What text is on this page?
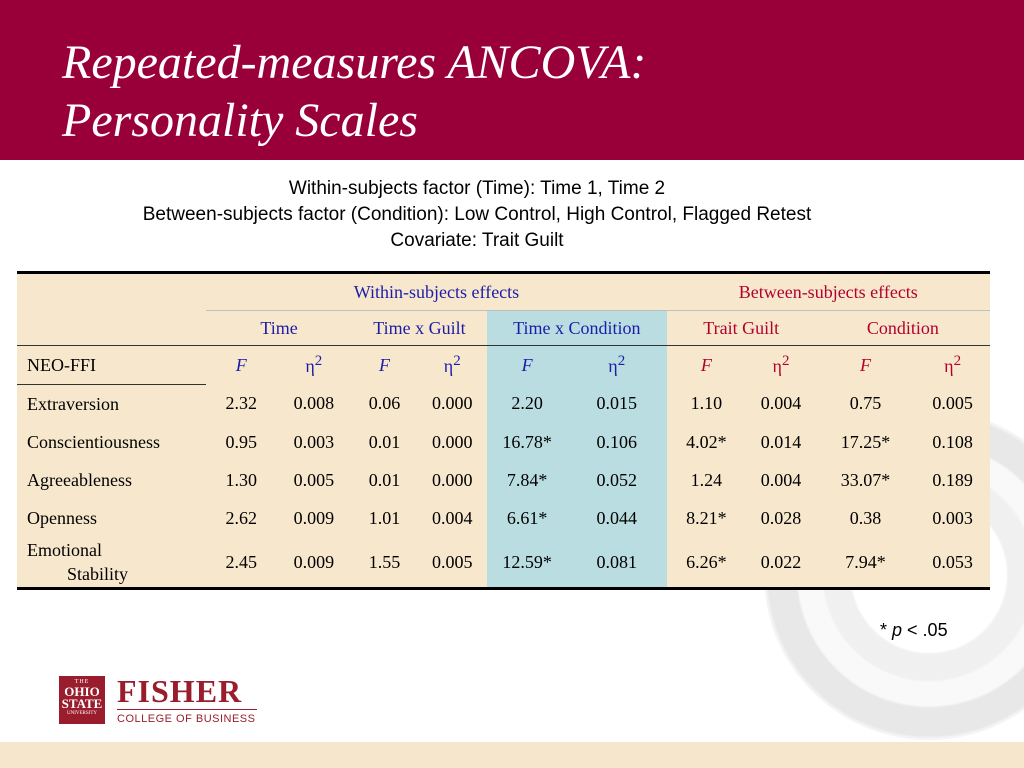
Repeated-measures ANCOVA:
Personality Scales
Within-subjects factor (Time): Time 1, Time 2
Between-subjects factor (Condition): Low Control, High Control, Flagged Retest
Covariate: Trait Guilt
	Within-subjects effects						Between-subjects effects			
	Time		Time x Guilt		Time x Condition		Trait Guilt		Condition	
NEO-FFI	F	$\eta^2$	F	$\eta^2$	F	$\eta^2$	F	$\eta^2$	F	$\eta^2$
Extraversion	2.32	0.008	0.06	0.000	2.20	0.015	1.10	0.004	0.75	0.005
Conscientiousness	0.95	0.003	0.01	0.000	16.78*	0.106	4.02*	0.014	17.25*	0.108
Agreeableness	1.30	0.005	0.01	0.000	7.84*	0.052	1.24	0.004	33.07*	0.189
Openness	2.62	0.009	1.01	0.004	6.61*	0.044	8.21*	0.028	0.38	0.003
Emotional
Stability	2.45	0.009	1.55	0.005	12.59*	0.081	6.26*	0.022	7.94*	0.053
* p < .05
THE
OHIO
STATE
UNIVERSITY
FISHER
COLLEGE OF BUSINESS
